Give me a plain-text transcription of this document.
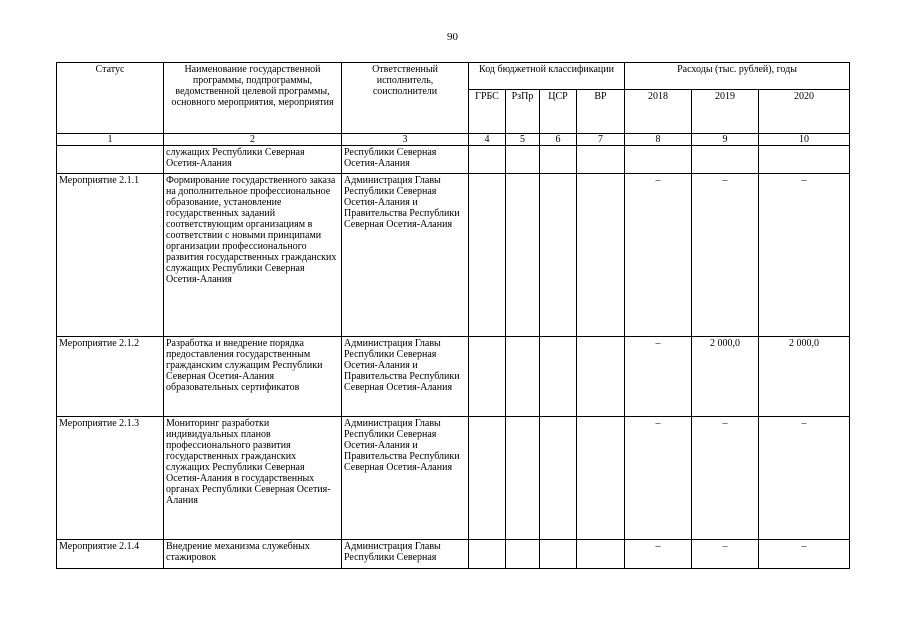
90
Статус	Наименование государственной программы, подпрограммы, ведомственной целевой программы, основного мероприятия, мероприятия	Ответственный исполнитель, соисполнители	Код бюджетной классификации				Расходы (тыс. рублей), годы		
			ГРБС	РзПр	ЦСР	ВР	2018	2019	2020
1	2	3	4	5	6	7	8	9	10

	служащих Республики Северная Осетия-Алания	Республики Северная Осетия-Алания							

Мероприятие 2.1.1	Формирование государственного заказа на дополнительное профессиональное образование, установление государственных заданий соответствующим организациям в соответствии с новыми принципами организации профессионального развития государственных гражданских служащих Республики Северная Осетия-Алания	Администрация Главы Республики Северная Осетия-Алания и Правительства Республики Северная Осетия-Алания					–	–	–
Мероприятие 2.1.2	Разработка и внедрение порядка предоставления государственным гражданским служащим Республики Северная Осетия-Алания образовательных сертификатов	Администрация Главы Республики Северная Осетия-Алания и Правительства Республики Северная Осетия-Алания					–	2 000,0	2 000,0
Мероприятие 2.1.3	Мониторинг разработки индивидуальных планов профессионального развития государственных гражданских служащих Республики Северная Осетия-Алания в государственных органах Республики Северная Осетия-Алания	Администрация Главы Республики Северная Осетия-Алания и Правительства Республики Северная Осетия-Алания					–	–	–
Мероприятие 2.1.4	Внедрение механизма служебных стажировок	Администрация Главы Республики Северная					–	–	–
